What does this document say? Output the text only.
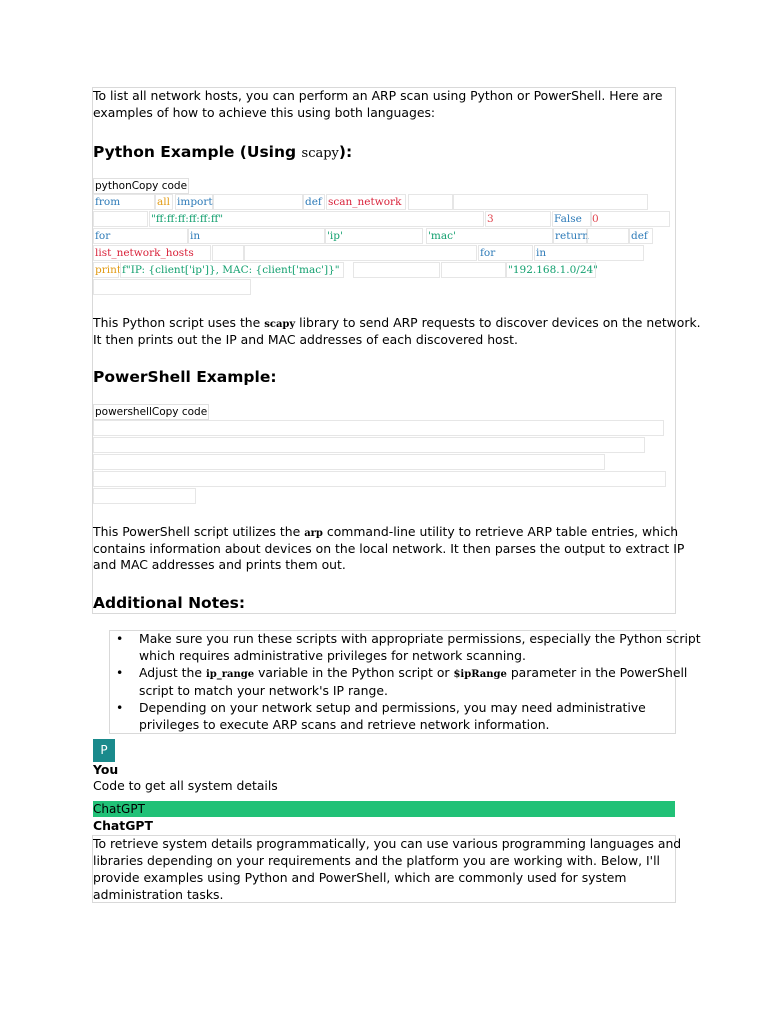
To list all network hosts, you can perform an ARP scan using Python or PowerShell. Here are
examples of how to achieve this using both languages:
Python Example (Using scapy):
pythonCopy code
from	all import	def scan_network
"ff:ff:ff:ff:ff:ff"	3	False 0
for	in	'ip'	'mac'	return	def
list_network_hosts	for	in
print f"IP: {client['ip']}, MAC: {client['mac']}"	"192.168.1.0/24"
This Python script uses the scapy library to send ARP requests to discover devices on the network.
It then prints out the IP and MAC addresses of each discovered host.
PowerShell Example:
powershellCopy code
This PowerShell script utilizes the arp command-line utility to retrieve ARP table entries, which
contains information about devices on the local network. It then parses the output to extract IP
and MAC addresses and prints them out.
Additional Notes:
• Make sure you run these scripts with appropriate permissions, especially the Python script
which requires administrative privileges for network scanning.
• Adjust the ip_range variable in the Python script or $ipRange parameter in the PowerShell
script to match your network's IP range.
• Depending on your network setup and permissions, you may need administrative
privileges to execute ARP scans and retrieve network information.
P
You
Code to get all system details
ChatGPT
ChatGPT
To retrieve system details programmatically, you can use various programming languages and
libraries depending on your requirements and the platform you are working with. Below, I'll
provide examples using Python and PowerShell, which are commonly used for system
administration tasks.
